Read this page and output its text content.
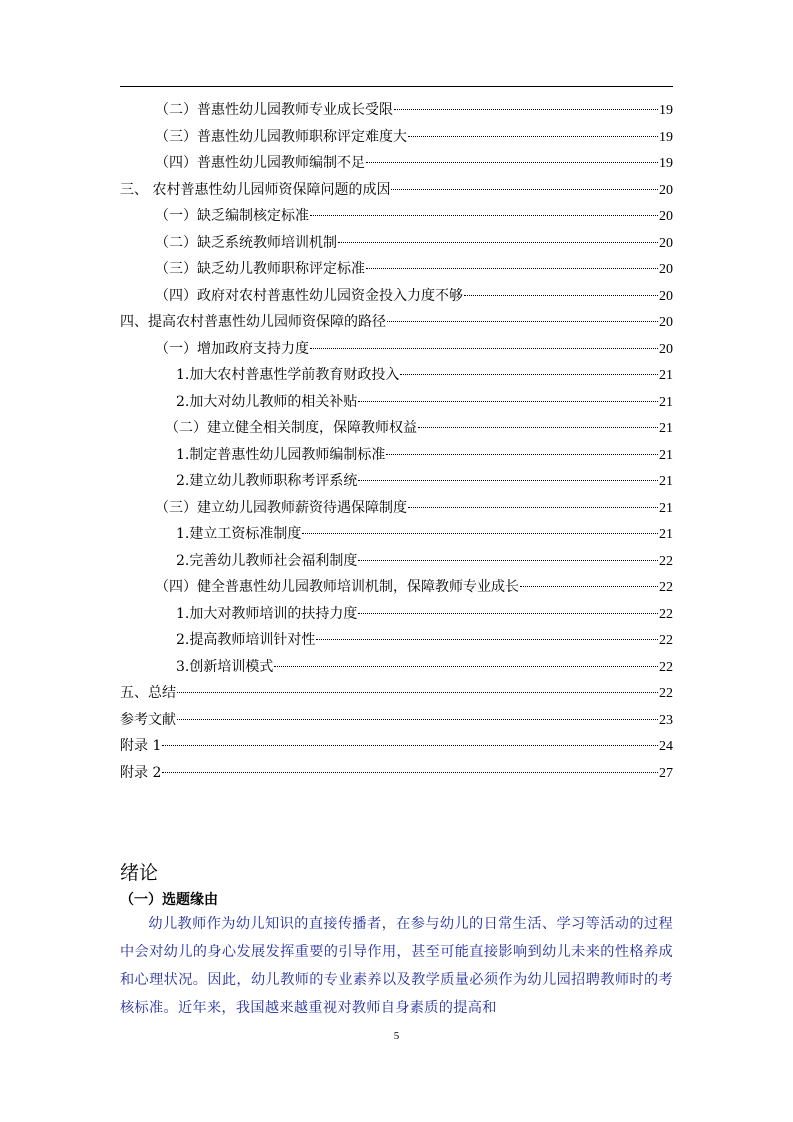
（二）普惠性幼儿园教师专业成长受限	19
（三）普惠性幼儿园教师职称评定难度大	19
（四）普惠性幼儿园教师编制不足	19
三、 农村普惠性幼儿园师资保障问题的成因	20
（一）缺乏编制核定标准	20
（二）缺乏系统教师培训机制	20
（三）缺乏幼儿教师职称评定标准	20
（四）政府对农村普惠性幼儿园资金投入力度不够	20
四、提高农村普惠性幼儿园师资保障的路径	20
（一）增加政府支持力度	20
1.加大农村普惠性学前教育财政投入	21
2.加大对幼儿教师的相关补贴	21
（二）建立健全相关制度，保障教师权益	21
1.制定普惠性幼儿园教师编制标准	21
2.建立幼儿教师职称考评系统	21
（三）建立幼儿园教师薪资待遇保障制度	21
1.建立工资标准制度	21
2.完善幼儿教师社会福利制度	22
（四）健全普惠性幼儿园教师培训机制，保障教师专业成长	22
1.加大对教师培训的扶持力度	22
2.提高教师培训针对性	22
3.创新培训模式	22
五、总结	22
参考文献	23
附录 1	24
附录 2	27
绪论
（一）选题缘由
幼儿教师作为幼儿知识的直接传播者，在参与幼儿的日常生活、学习等活动的过程中会对幼儿的身心发展发挥重要的引导作用，甚至可能直接影响到幼儿未来的性格养成和心理状况。因此，幼儿教师的专业素养以及教学质量必须作为幼儿园招聘教师时的考核标准。近年来，我国越来越重视对教师自身素质的提高和
5
